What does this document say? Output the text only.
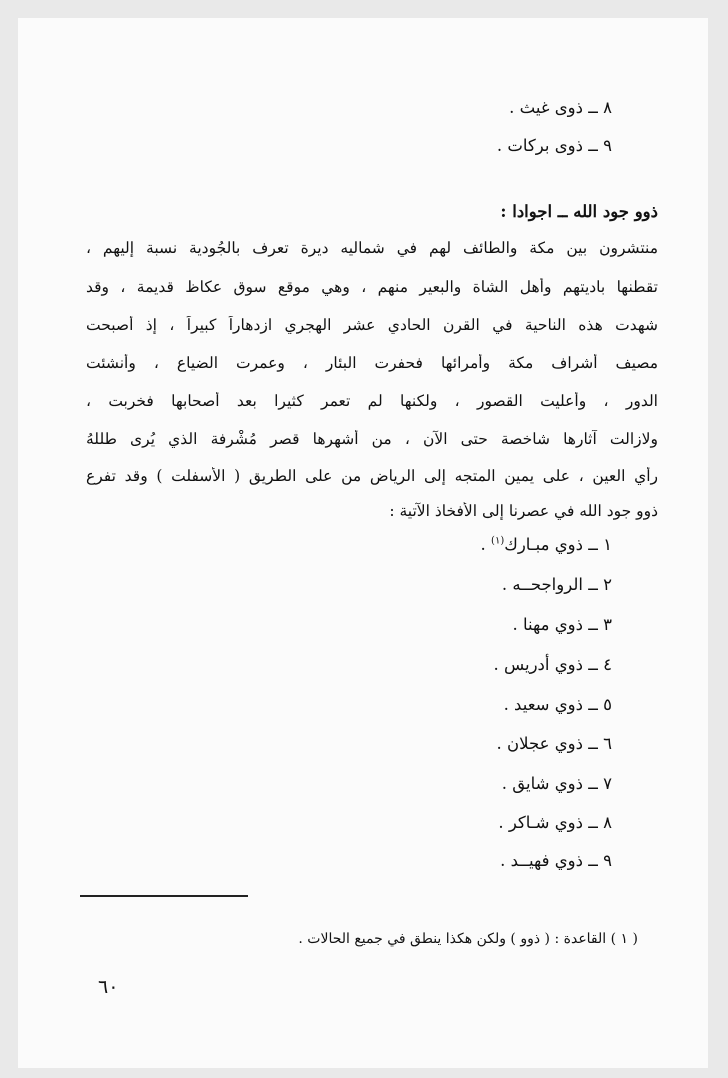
٨ ــ ذوى غيث .
٩ ــ ذوى بركات .
ذوو جود الله ــ اجوادا :
منتشرون بين مكة والطائف لهم في شماليه ديرة تعرف بالجُودية نسبة إليهم ،
تقطنها باديتهم وأهل الشاة والبعير منهم ، وهي موقع سوق عكاظ قديمة ، وقد
شهدت هذه الناحية في القرن الحادي عشر الهجري ازدهاراً كبيراً ، إذ أصبحت
مصيف أشراف مكة وأمرائها فحفرت البئار ، وعمرت الضياع ، وأُنشئت
الدور ، وأُعليت القصور ، ولكنها لم تعمر كثيرا بعد أصحابها فخربت ،
ولازالت آثارها شاخصة حتى الآن ، من أشهرها قصر مُشْرِفة الذي يُرى طللهُ
رأي العين ، على يمين المتجه إلى الرياض من على الطريق ( الأسفلت ) وقد تفرع
ذوو جود الله في عصرنا إلى الأفخاذ الآتية :
١ ــ ذوي مبـارك$^{(١)}$ .
٢ ــ الرواجحــه .
٣ ــ ذوي مهنا .
٤ ــ ذوي أدريس .
٥ ــ ذوي سعيد .
٦ ــ ذوي عجلان .
٧ ــ ذوي شايق .
٨ ــ ذوي شـاكر .
٩ ــ ذوي فهيــد .
( ١ ) القاعدة : ( ذوو ) ولكن هكذا ينطق في جميع الحالات .
٦٠
